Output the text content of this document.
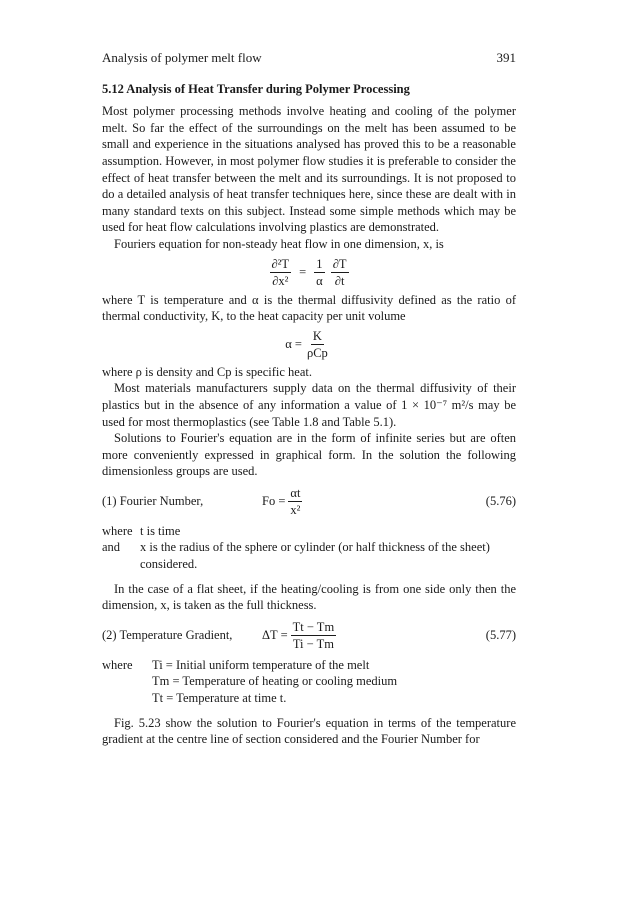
Analysis of polymer melt flow	391
5.12 Analysis of Heat Transfer during Polymer Processing

Most polymer processing methods involve heating and cooling of the polymer melt. So far the effect of the surroundings on the melt has been assumed to be small and experience in the situations analysed has proved this to be a reasonable assumption. However, in most polymer flow studies it is preferable to consider the effect of heat transfer between the melt and its surroundings. It is not proposed to do a detailed analysis of heat transfer techniques here, since these are dealt with in many standard texts on this subject. Instead some simple methods which may be used for heat flow calculations involving plastics are demonstrated.

Fouriers equation for non-steady heat flow in one dimension, x, is

$\frac{\text{∂²T}}{\text{∂x²}} = \frac{1}{\alpha} \frac{\partial T}{\partial t}$

where T is temperature and α is the thermal diffusivity defined as the ratio of thermal conductivity, K, to the heat capacity per unit volume

$\alpha = \frac{K}{\text{ρCp}}$

where ρ is density and Cp is specific heat.

Most materials manufacturers supply data on the thermal diffusivity of their plastics but in the absence of any information a value of 1 × 10⁻⁷ m²/s may be used for most thermoplastics (see Table 1.8 and Table 5.1).

Solutions to Fourier's equation are in the form of infinite series but are often more conveniently expressed in graphical form. In the solution the following dimensionless groups are used.

(1) Fourier Number,	$Fo = \frac{\alpha t}{\text{x²}}$	(5.76)
where t is time
and	x is the radius of the sphere or cylinder (or half thickness of the sheet) considered.

In the case of a flat sheet, if the heating/cooling is from one side only then the dimension, x, is taken as the full thickness.

(2) Temperature Gradient,	$\Delta T = \frac{Tt - Tm}{Ti - Tm}$	(5.77)
where	Ti = Initial uniform temperature of the melt
Tm = Temperature of heating or cooling medium
Tt = Temperature at time t.

Fig. 5.23 show the solution to Fourier's equation in terms of the temperature gradient at the centre line of section considered and the Fourier Number for
